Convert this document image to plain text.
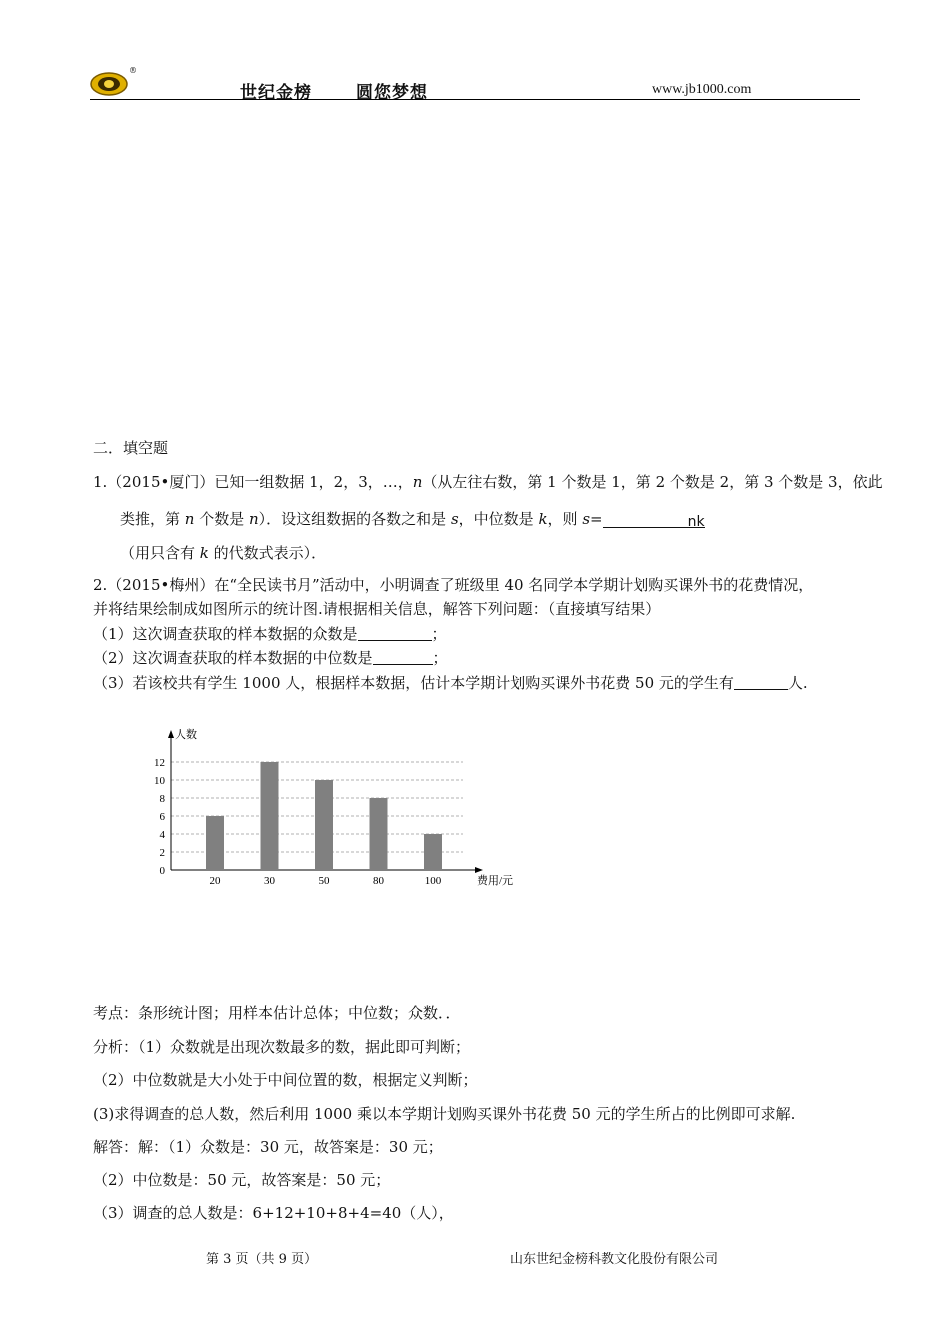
®
世纪金榜	圆您梦想	www.jb1000.com
二．填空题
1.（2015•厦门）已知一组数据 1，2，3，…，n（从左往右数，第 1 个数是 1，第 2 个数是 2，第 3 个数是 3，依此
类推，第 n 个数是 n）．设这组数据的各数之和是 s，中位数是 k，则 s=	nk
（用只含有 k 的代数式表示）．
2.（2015•梅州）在“全民读书月”活动中，小明调查了班级里 40 名同学本学期计划购买课外书的花费情况，
并将结果绘制成如图所示的统计图.请根据相关信息，解答下列问题：（直接填写结果）
（1）这次调查获取的样本数据的众数是	；
（2）这次调查获取的样本数据的中位数是	；
（3）若该校共有学生 1000 人，根据样本数据，估计本学期计划购买课外书花费 50 元的学生有	人.
0
2
4
6
8
10
12
人数
费用/元
20	30	50	80	100
考点：条形统计图；用样本估计总体；中位数；众数．．
分析：（1）众数就是出现次数最多的数，据此即可判断；
（2）中位数就是大小处于中间位置的数，根据定义判断；
(3)求得调查的总人数，然后利用 1000 乘以本学期计划购买课外书花费 50 元的学生所占的比例即可求解.
解答：解：（1）众数是：30 元，故答案是：30 元；
（2）中位数是：50 元，故答案是：50 元；
（3）调查的总人数是：6+12+10+8+4=40（人），
第 3 页（共 9 页）	山东世纪金榜科教文化股份有限公司
